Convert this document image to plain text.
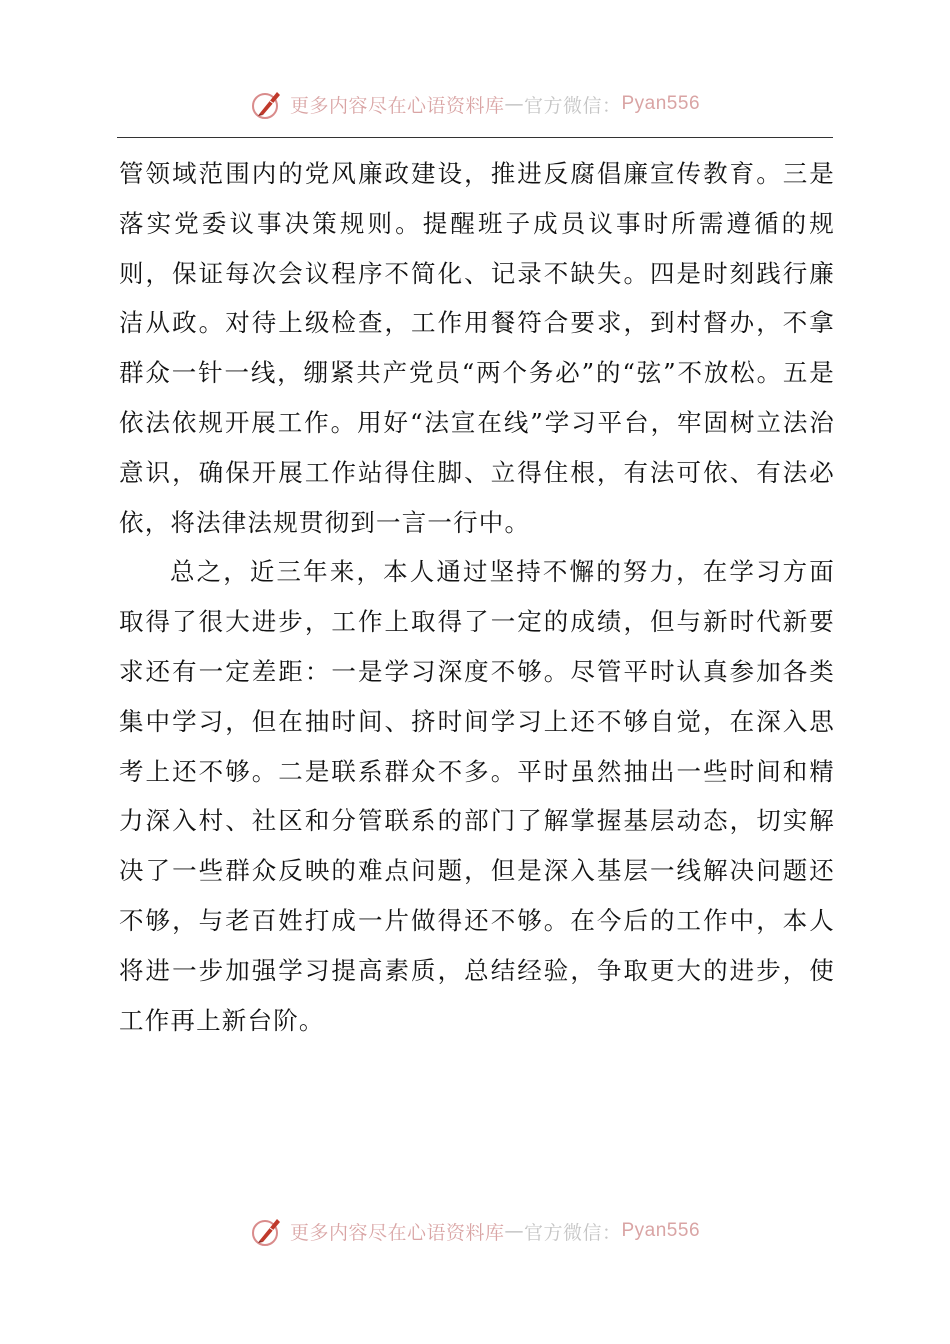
更多内容尽在心语资料库 — 官方微信： Pyan556

管领域范围内的党风廉政建设，推进反腐倡廉宣传教育。三是落实党委议事决策规则。提醒班子成员议事时所需遵循的规则，保证每次会议程序不简化、记录不缺失。四是时刻践行廉洁从政。对待上级检查，工作用餐符合要求，到村督办，不拿群众一针一线，绷紧共产党员“两个务必”的“弦”不放松。五是依法依规开展工作。用好“法宣在线”学习平台，牢固树立法治意识，确保开展工作站得住脚、立得住根，有法可依、有法必依，将法律法规贯彻到一言一行中。

总之，近三年来，本人通过坚持不懈的努力，在学习方面取得了很大进步，工作上取得了一定的成绩，但与新时代新要求还有一定差距：一是学习深度不够。尽管平时认真参加各类集中学习，但在抽时间、挤时间学习上还不够自觉，在深入思考上还不够。二是联系群众不多。平时虽然抽出一些时间和精力深入村、社区和分管联系的部门了解掌握基层动态，切实解决了一些群众反映的难点问题，但是深入基层一线解决问题还不够，与老百姓打成一片做得还不够。在今后的工作中，本人将进一步加强学习提高素质，总结经验，争取更大的进步，使工作再上新台阶。

更多内容尽在心语资料库 — 官方微信： Pyan556
